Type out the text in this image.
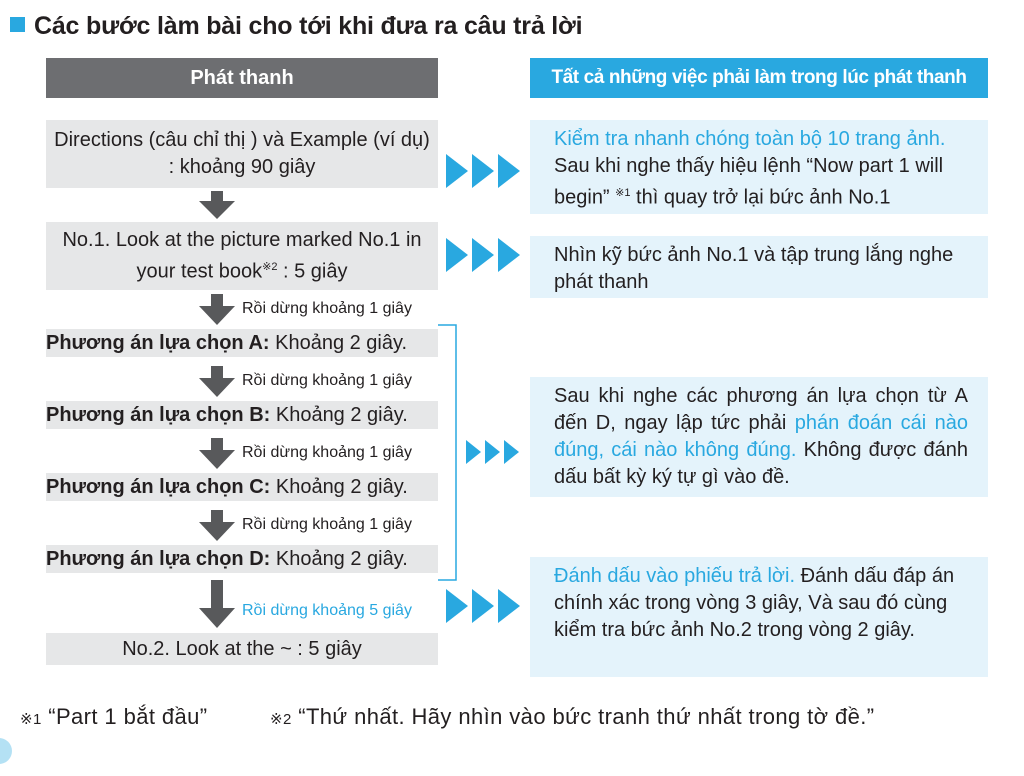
Các bước làm bài cho tới khi đưa ra câu trả lời
Phát thanh	Tất cả những việc phải làm trong lúc phát thanh
Directions (câu chỉ thị ) và Example (ví dụ) : khoảng 90 giây
No.1. Look at the picture marked No.1 in your test book$^{※2}$ : 5 giây
Phương án lựa chọn A: Khoảng 2 giây.
Phương án lựa chọn B: Khoảng 2 giây.
Phương án lựa chọn C: Khoảng 2 giây.
Phương án lựa chọn D: Khoảng 2 giây.
No.2. Look at the ~ : 5 giây
Rồi dừng khoảng 1 giây
Rồi dừng khoảng 1 giây
Rồi dừng khoảng 1 giây
Rồi dừng khoảng 1 giây
Rồi dừng khoảng 5 giây
Kiểm tra nhanh chóng toàn bộ 10 trang ảnh. Sau khi nghe thấy hiệu lệnh “Now part 1 will begin” $^{※1}$ thì quay trở lại bức ảnh No.1
Nhìn kỹ bức ảnh No.1 và tập trung lắng nghe phát thanh
Sau khi nghe các phương án lựa chọn từ A đến D, ngay lập tức phải phán đoán cái nào đúng, cái nào không đúng. Không được đánh dấu bất kỳ ký tự gì vào đề.
Đánh dấu vào phiếu trả lời. Đánh dấu đáp án chính xác trong vòng 3 giây, Và sau đó cùng kiểm tra bức ảnh No.2 trong vòng 2 giây.
※1 “Part 1 bắt đầu”	※2 “Thứ nhất. Hãy nhìn vào bức tranh thứ nhất trong tờ đề.”
